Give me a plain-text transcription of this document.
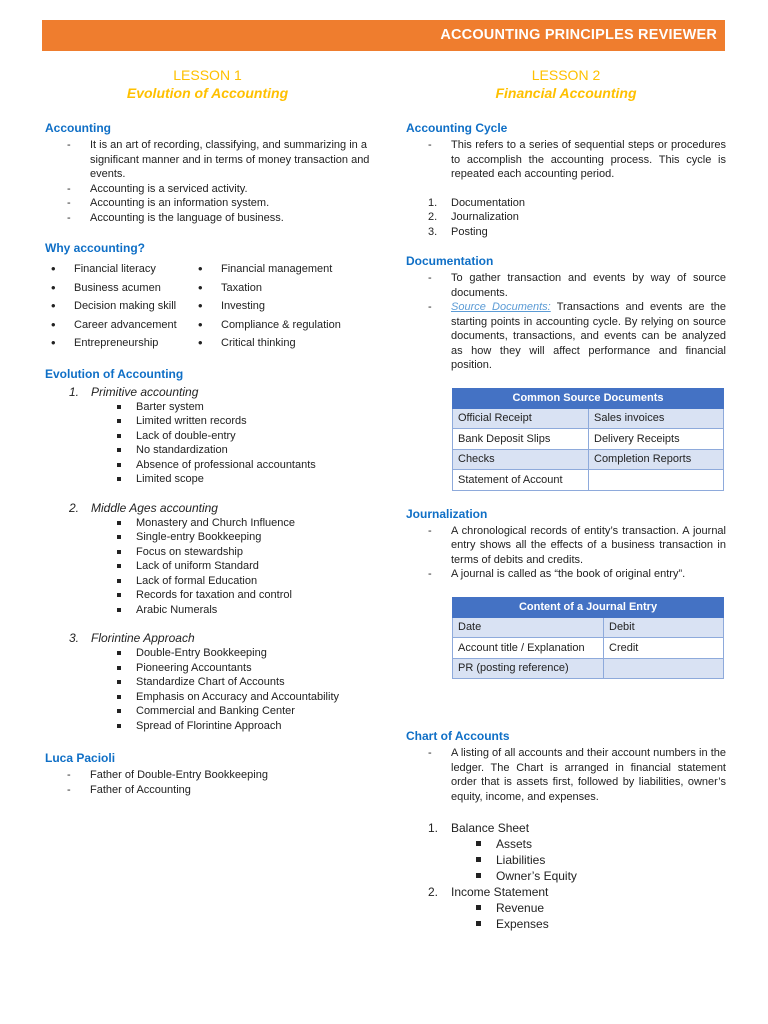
ACCOUNTING PRINCIPLES REVIEWER
LESSON 1
Evolution of Accounting
Accounting
- It is an art of recording, classifying, and summarizing in a significant manner and in terms of money transaction and events.
- Accounting is a serviced activity.
- Accounting is an information system.
- Accounting is the language of business.
Why accounting?
• Financial literacy
• Business acumen
• Decision making skill
• Career advancement
• Entrepreneurship
• Financial management
• Taxation
• Investing
• Compliance & regulation
• Critical thinking
Evolution of Accounting
1. Primitive accounting
Barter system
Limited written records
Lack of double-entry
No standardization
Absence of professional accountants
Limited scope
2. Middle Ages accounting
Monastery and Church Influence
Single-entry Bookkeeping
Focus on stewardship
Lack of uniform Standard
Lack of formal Education
Records for taxation and control
Arabic Numerals
3. Florintine Approach
Double-Entry Bookkeeping
Pioneering Accountants
Standardize Chart of Accounts
Emphasis on Accuracy and Accountability
Commercial and Banking Center
Spread of Florintine Approach
Luca Pacioli
- Father of Double-Entry Bookkeeping
- Father of Accounting
LESSON 2
Financial Accounting
Accounting Cycle
- This refers to a series of sequential steps or procedures to accomplish the accounting process. This cycle is repeated each accounting period.
1. Documentation
2. Journalization
3. Posting
Documentation
- To gather transaction and events by way of source documents.
- Source Documents: Transactions and events are the starting points in accounting cycle. By relying on source documents, transactions, and events can be analyzed as how they will affect performance and financial position.
Common Source Documents	
Official Receipt	Sales invoices
Bank Deposit Slips	Delivery Receipts
Checks	Completion Reports
Statement of Account	
Journalization
- A chronological records of entity’s transaction. A journal entry shows all the effects of a business transaction in terms of debits and credits.
- A journal is called as “the book of original entry”.
Content of a Journal Entry	
Date	Debit
Account title / Explanation	Credit
PR (posting reference)	
Chart of Accounts
- A listing of all accounts and their account numbers in the ledger. The Chart is arranged in financial statement order that is assets first, followed by liabilities, owner’s equity, income, and expenses.
1. Balance Sheet
Assets
Liabilities
Owner’s Equity
2. Income Statement
Revenue
Expenses
